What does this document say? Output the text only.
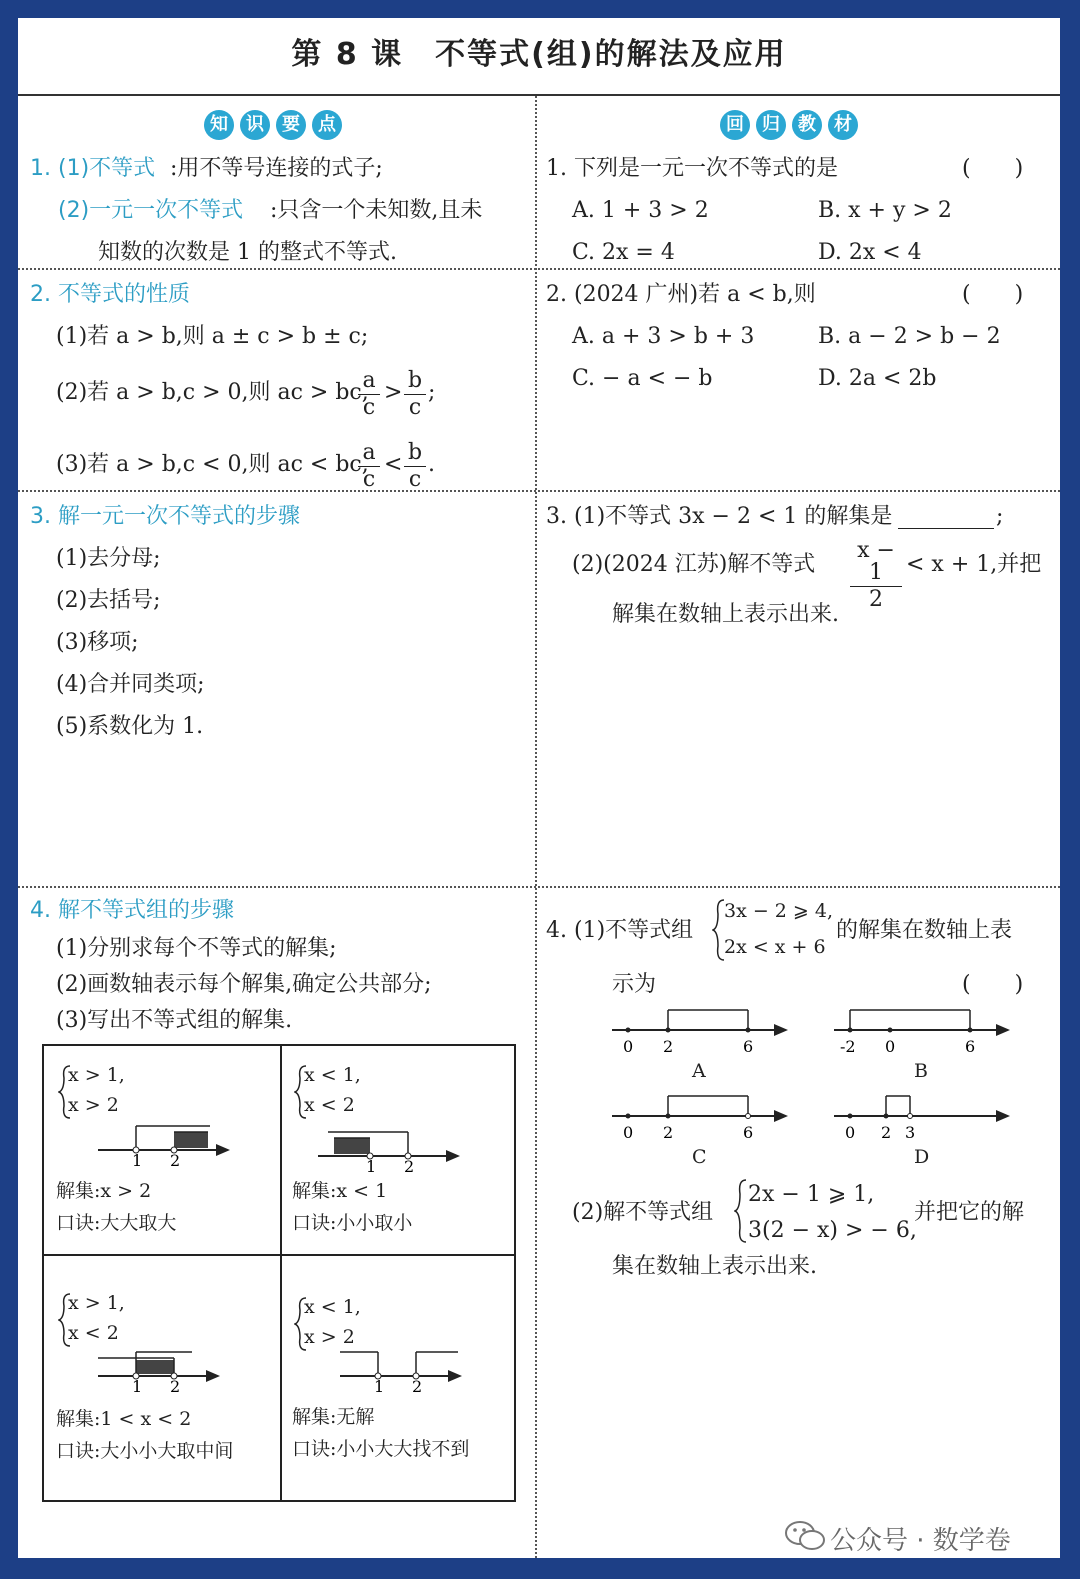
第 8 课　不等式(组)的解法及应用
知	识	要	点	回	归	教	材
1. (1)不等式 :用不等号连接的式子;
(2)一元一次不等式 :只含一个未知数,且未
知数的次数是 1 的整式不等式.
2. 不等式的性质
(1)若 a > b,则 a ± c > b ± c;
(2)若 a > b,c > 0,则 ac > bc,
$\frac{a}{c} > \frac{b}{c}$ ;
(3)若 a > b,c < 0,则 ac < bc,
$\frac{a}{c} < \frac{b}{c}$ .
3. 解一元一次不等式的步骤
(1)去分母;
(2)去括号;
(3)移项;
(4)合并同类项;
(5)系数化为 1.
4. 解不等式组的步骤
(1)分别求每个不等式的解集;
(2)画数轴表示每个解集,确定公共部分;
(3)写出不等式组的解集.
x > 1,
x > 2
1 2
解集:x > 2
口诀:大大取大
x < 1,
x < 2
1 2
解集:x < 1
口诀:小小取小
x > 1,
x < 2
1 2
解集:1 < x < 2
口诀:大小小大取中间
x < 1,
x > 2
1 2
解集:无解
口诀:小小大大找不到
1. 下列是一元一次不等式的是	(　　)
A. 1 + 3 > 2	B. x + y > 2
C. 2x = 4	D. 2x < 4
2. (2024 广州)若 a < b,则	(　　)
A. a + 3 > b + 3	B. a − 2 > b − 2
C. − a < − b	D. 2a < 2b
3. (1)不等式 3x − 2 < 1 的解集是	;
(2)(2024 江苏)解不等式 $\frac{x - 1}{2} < x + 1$,并把
解集在数轴上表示出来.
4. (1)不等式组
3x − 2 ⩾ 4,
2x < x + 6
的解集在数轴上表
示为	(　　)
0 2	6
A
-2 0	6
B
0 2	6
C
0 2 3
D
(2)解不等式组
2x − 1 ⩾ 1,
3(2 − x) > − 6,
并把它的解
集在数轴上表示出来.
公众号 · 数学卷
